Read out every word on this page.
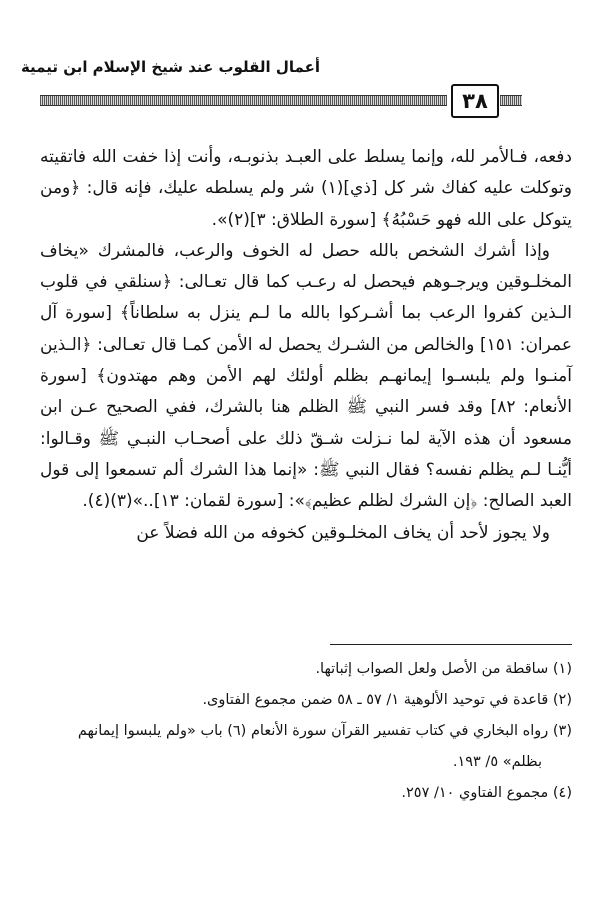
أعمال القلوب عند شيخ الإسلام ابن تيمية
٣٨

دفعه، فـالأمر لله، وإنما يسلط على العبـد بذنوبـه، وأنت إذا خفت الله فاتقيته وتوكلت عليه كفاك شر كل [ذي](١) شر ولم يسلطه عليك، فإنه قال: ﴿ومن يتوكل على الله فهو حَسْبُهُ﴾ [سورة الطلاق: ٣](٢)».

وإذا أشرك الشخص بالله حصل له الخوف والرعب، فالمشرك «يخاف المخلـوقين ويرجـوهم فيحصل له رعـب كما قال تعـالى: ﴿سنلقي في قلوب الـذين كفروا الرعب بما أشـركوا بالله ما لـم ينزل به سلطاناً﴾ [سورة آل عمران: ١٥١] والخالص من الشـرك يحصل له الأمن كمـا قال تعـالى: ﴿الـذين آمنـوا ولم يلبسـوا إيمانهـم بظلم أولئك لهم الأمن وهم مهتدون﴾ [سورة الأنعام: ٨٢] وقد فسر النبي ﷺ الظلم هنا بالشرك، ففي الصحيح عـن ابن مسعود أن هذه الآية لما نـزلت شـقّ ذلك على أصحـاب النبـي ﷺ وقـالوا: أيُّنـا لـم يظلم نفسه؟ فقال النبي ﷺ: «إنما هذا الشرك ألم تسمعوا إلى قول العبد الصالح: ﴿إن الشرك لظلم عظيم﴾»: [سورة لقمان: ١٣]..»(٣)(٤).

ولا يجوز لأحد أن يخاف المخلـوقين كخوفه من الله فضلاً عن

(١) ساقطة من الأصل ولعل الصواب إثباتها.

(٢) قاعدة في توحيد الألوهية ١/ ٥٧ ـ ٥٨ ضمن مجموع الفتاوى.

(٣) رواه البخاري في كتاب تفسير القرآن سورة الأنعام (٦) باب «ولم يلبسوا إيمانهم بظلم» ٥/ ١٩٣.

(٤) مجموع الفتاوي ١٠/ ٢٥٧.
